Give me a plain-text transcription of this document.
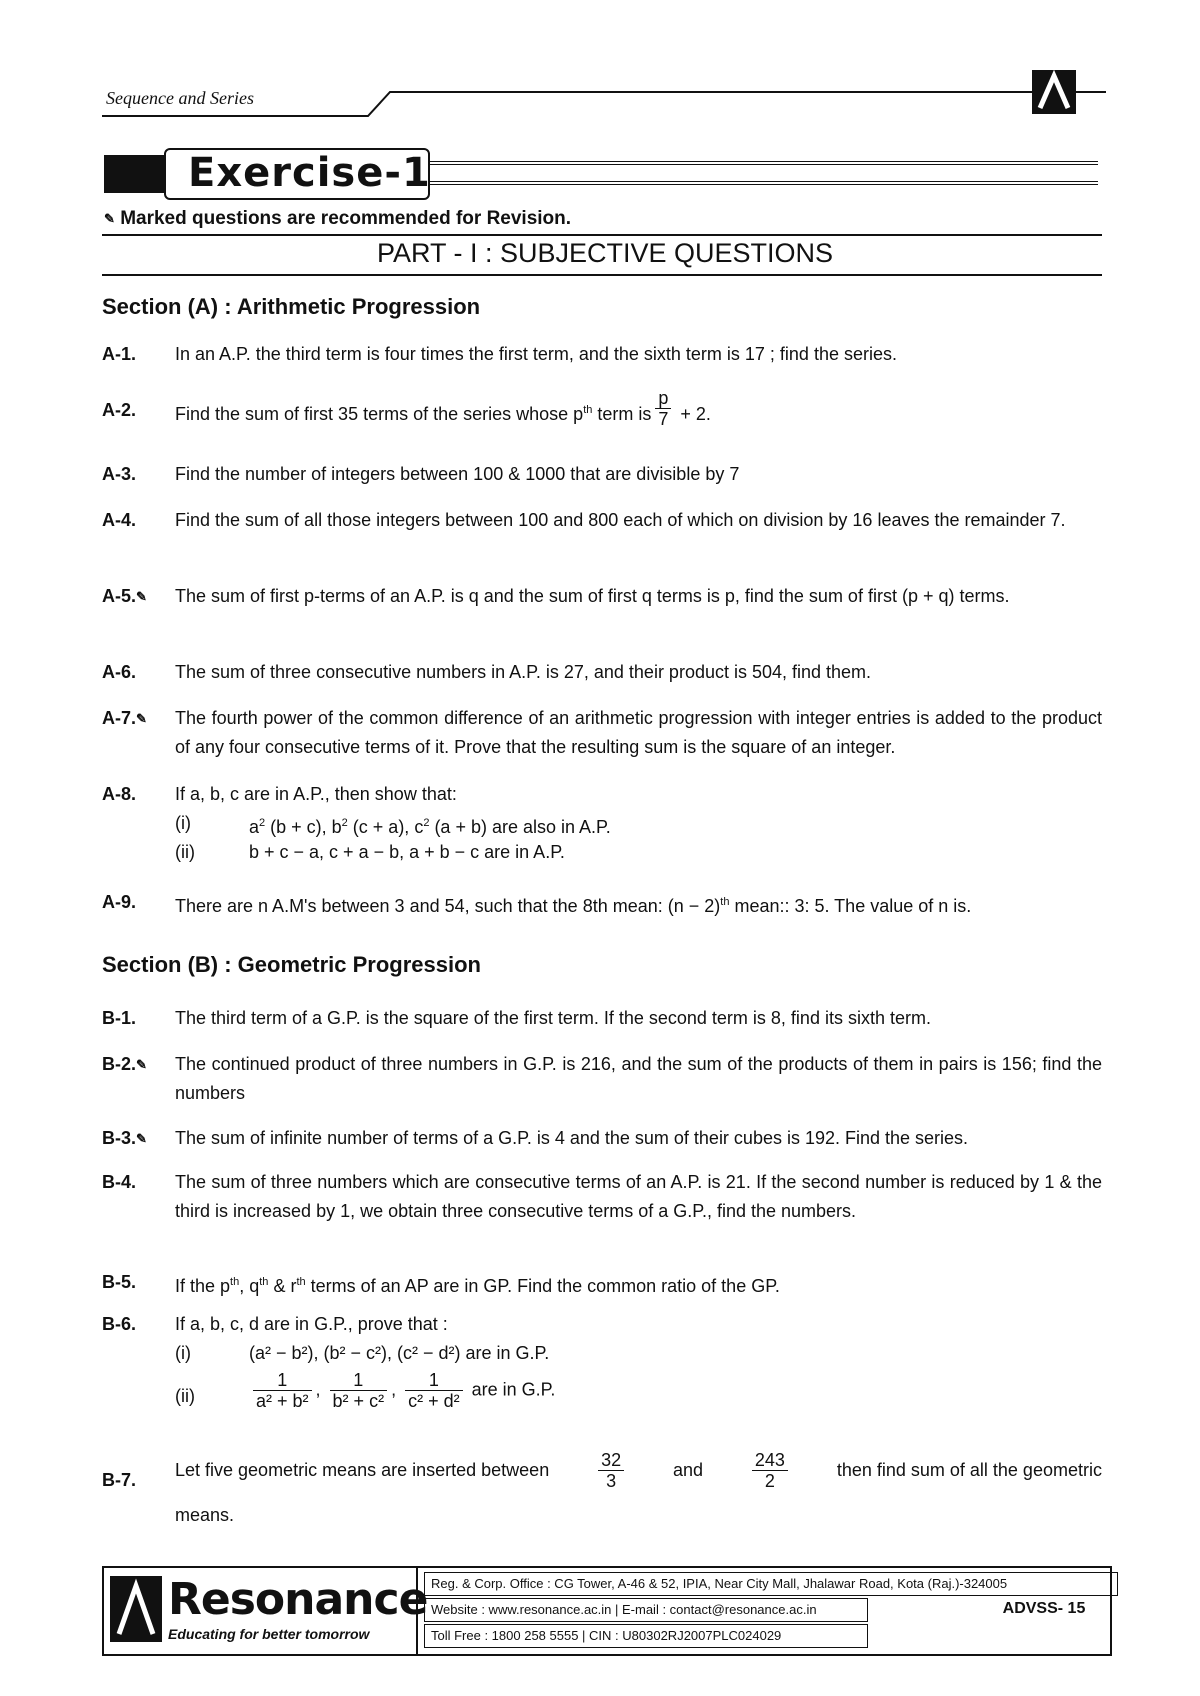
Sequence and Series
Exercise-1
✎ Marked questions are recommended for Revision.
PART - I : SUBJECTIVE QUESTIONS
Section (A) : Arithmetic Progression
A-1. In an A.P. the third term is four times the first term, and the sixth term is 17 ; find the series.
A-2. Find the sum of first 35 terms of the series whose $p^{th}$ term is $\frac{p}{7} + 2$.
A-3. Find the number of integers between 100 & 1000 that are divisible by 7
A-4. Find the sum of all those integers between 100 and 800 each of which on division by 16 leaves the remainder 7.
A-5.✎ The sum of first p-terms of an A.P. is q and the sum of first q terms is p, find the sum of first (p + q) terms.
A-6. The sum of three consecutive numbers in A.P. is 27, and their product is 504, find them.
A-7.✎ The fourth power of the common difference of an arithmetic progression with integer entries is added to the product of any four consecutive terms of it. Prove that the resulting sum is the square of an integer.
A-8. If a, b, c are in A.P., then show that:
(i)	$a^2$ (b + c), $b^2$ (c + a), $c^2$ (a + b) are also in A.P.
(ii)	b + c − a, c + a − b, a + b − c are in A.P.
A-9. There are n A.M's between 3 and 54, such that the 8th mean: $(n - 2)^{th}$ mean:: 3: 5. The value of n is.
Section (B) : Geometric Progression
B-1. The third term of a G.P. is the square of the first term. If the second term is 8, find its sixth term.
B-2.✎ The continued product of three numbers in G.P. is 216, and the sum of the products of them in pairs is 156; find the numbers
B-3.✎ The sum of infinite number of terms of a G.P. is 4 and the sum of their cubes is 192. Find the series.
B-4. The sum of three numbers which are consecutive terms of an A.P. is 21. If the second number is reduced by 1 & the third is increased by 1, we obtain three consecutive terms of a G.P., find the numbers.
B-5. If the $p^{th}$, $q^{th}$ & $r^{th}$ terms of an AP are in GP. Find the common ratio of the GP.
B-6. If a, b, c, d are in G.P., prove that :
(i)	(a² − b²), (b² − c²), (c² − d²) are in G.P.
(ii)	$\frac{1}{\text{a² + b²}}$ , $\frac{1}{\text{b² + c²}}$ , $\frac{1}{\text{c² + d²}}$ are in G.P.
B-7. Let five geometric means are inserted between	$\frac{32}{3}$	and	$\frac{243}{2}$	then find sum of all the geometric
means.
Resonance
Educating for better tomorrow
Reg. & Corp. Office : CG Tower, A-46 & 52, IPIA, Near City Mall, Jhalawar Road, Kota (Raj.)-324005
Website : www.resonance.ac.in | E-mail : contact@resonance.ac.in
Toll Free : 1800 258 5555 | CIN : U80302RJ2007PLC024029
ADVSS- 15
